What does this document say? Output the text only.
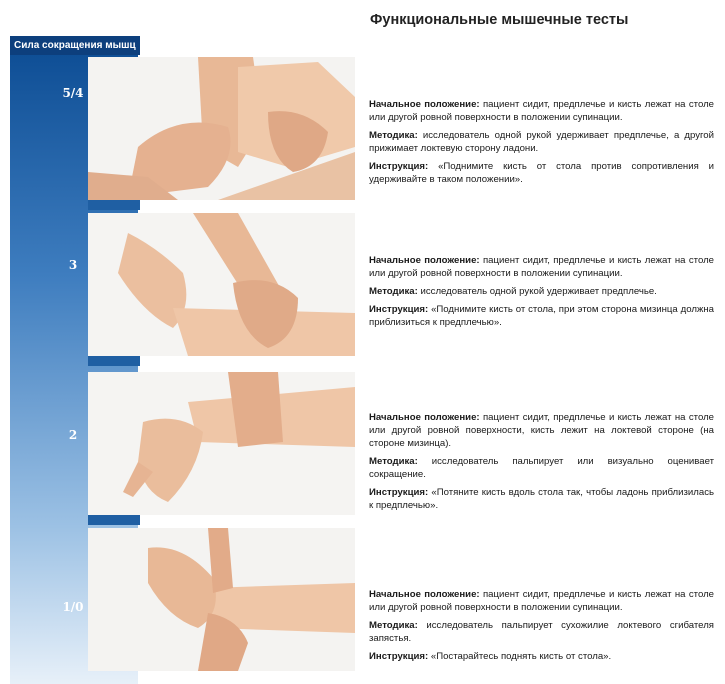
Функциональные мышечные тесты
Сила сокращения мышц
5/4
3
2
1/0

Начальное положение: пациент сидит, предплечье и кисть лежат на столе или другой ровной поверхности в положении супинации.

Методика: исследователь одной рукой удерживает предплечье, а другой прижимает локтевую сторону ладони.

Инструкция: «Поднимите кисть от стола против сопротивления и удерживайте в таком положении».

Начальное положение: пациент сидит, предплечье и кисть лежат на столе или другой ровной поверхности в положении супинации.

Методика: исследователь одной рукой удерживает предплечье.

Инструкция: «Поднимите кисть от стола, при этом сторона мизинца должна приблизиться к предплечью».

Начальное положение: пациент сидит, предплечье и кисть лежат на столе или другой ровной поверхности, кисть лежит на локтевой стороне (на стороне мизинца).

Методика: исследователь пальпирует или визуально оценивает сокращение.

Инструкция: «Потяните кисть вдоль стола так, чтобы ладонь приблизилась к предплечью».

Начальное положение: пациент сидит, предплечье и кисть лежат на столе или другой ровной поверхности в положении супинации.

Методика: исследователь пальпирует сухожилие локтевого сгибателя запястья.

Инструкция: «Постарайтесь поднять кисть от стола».
